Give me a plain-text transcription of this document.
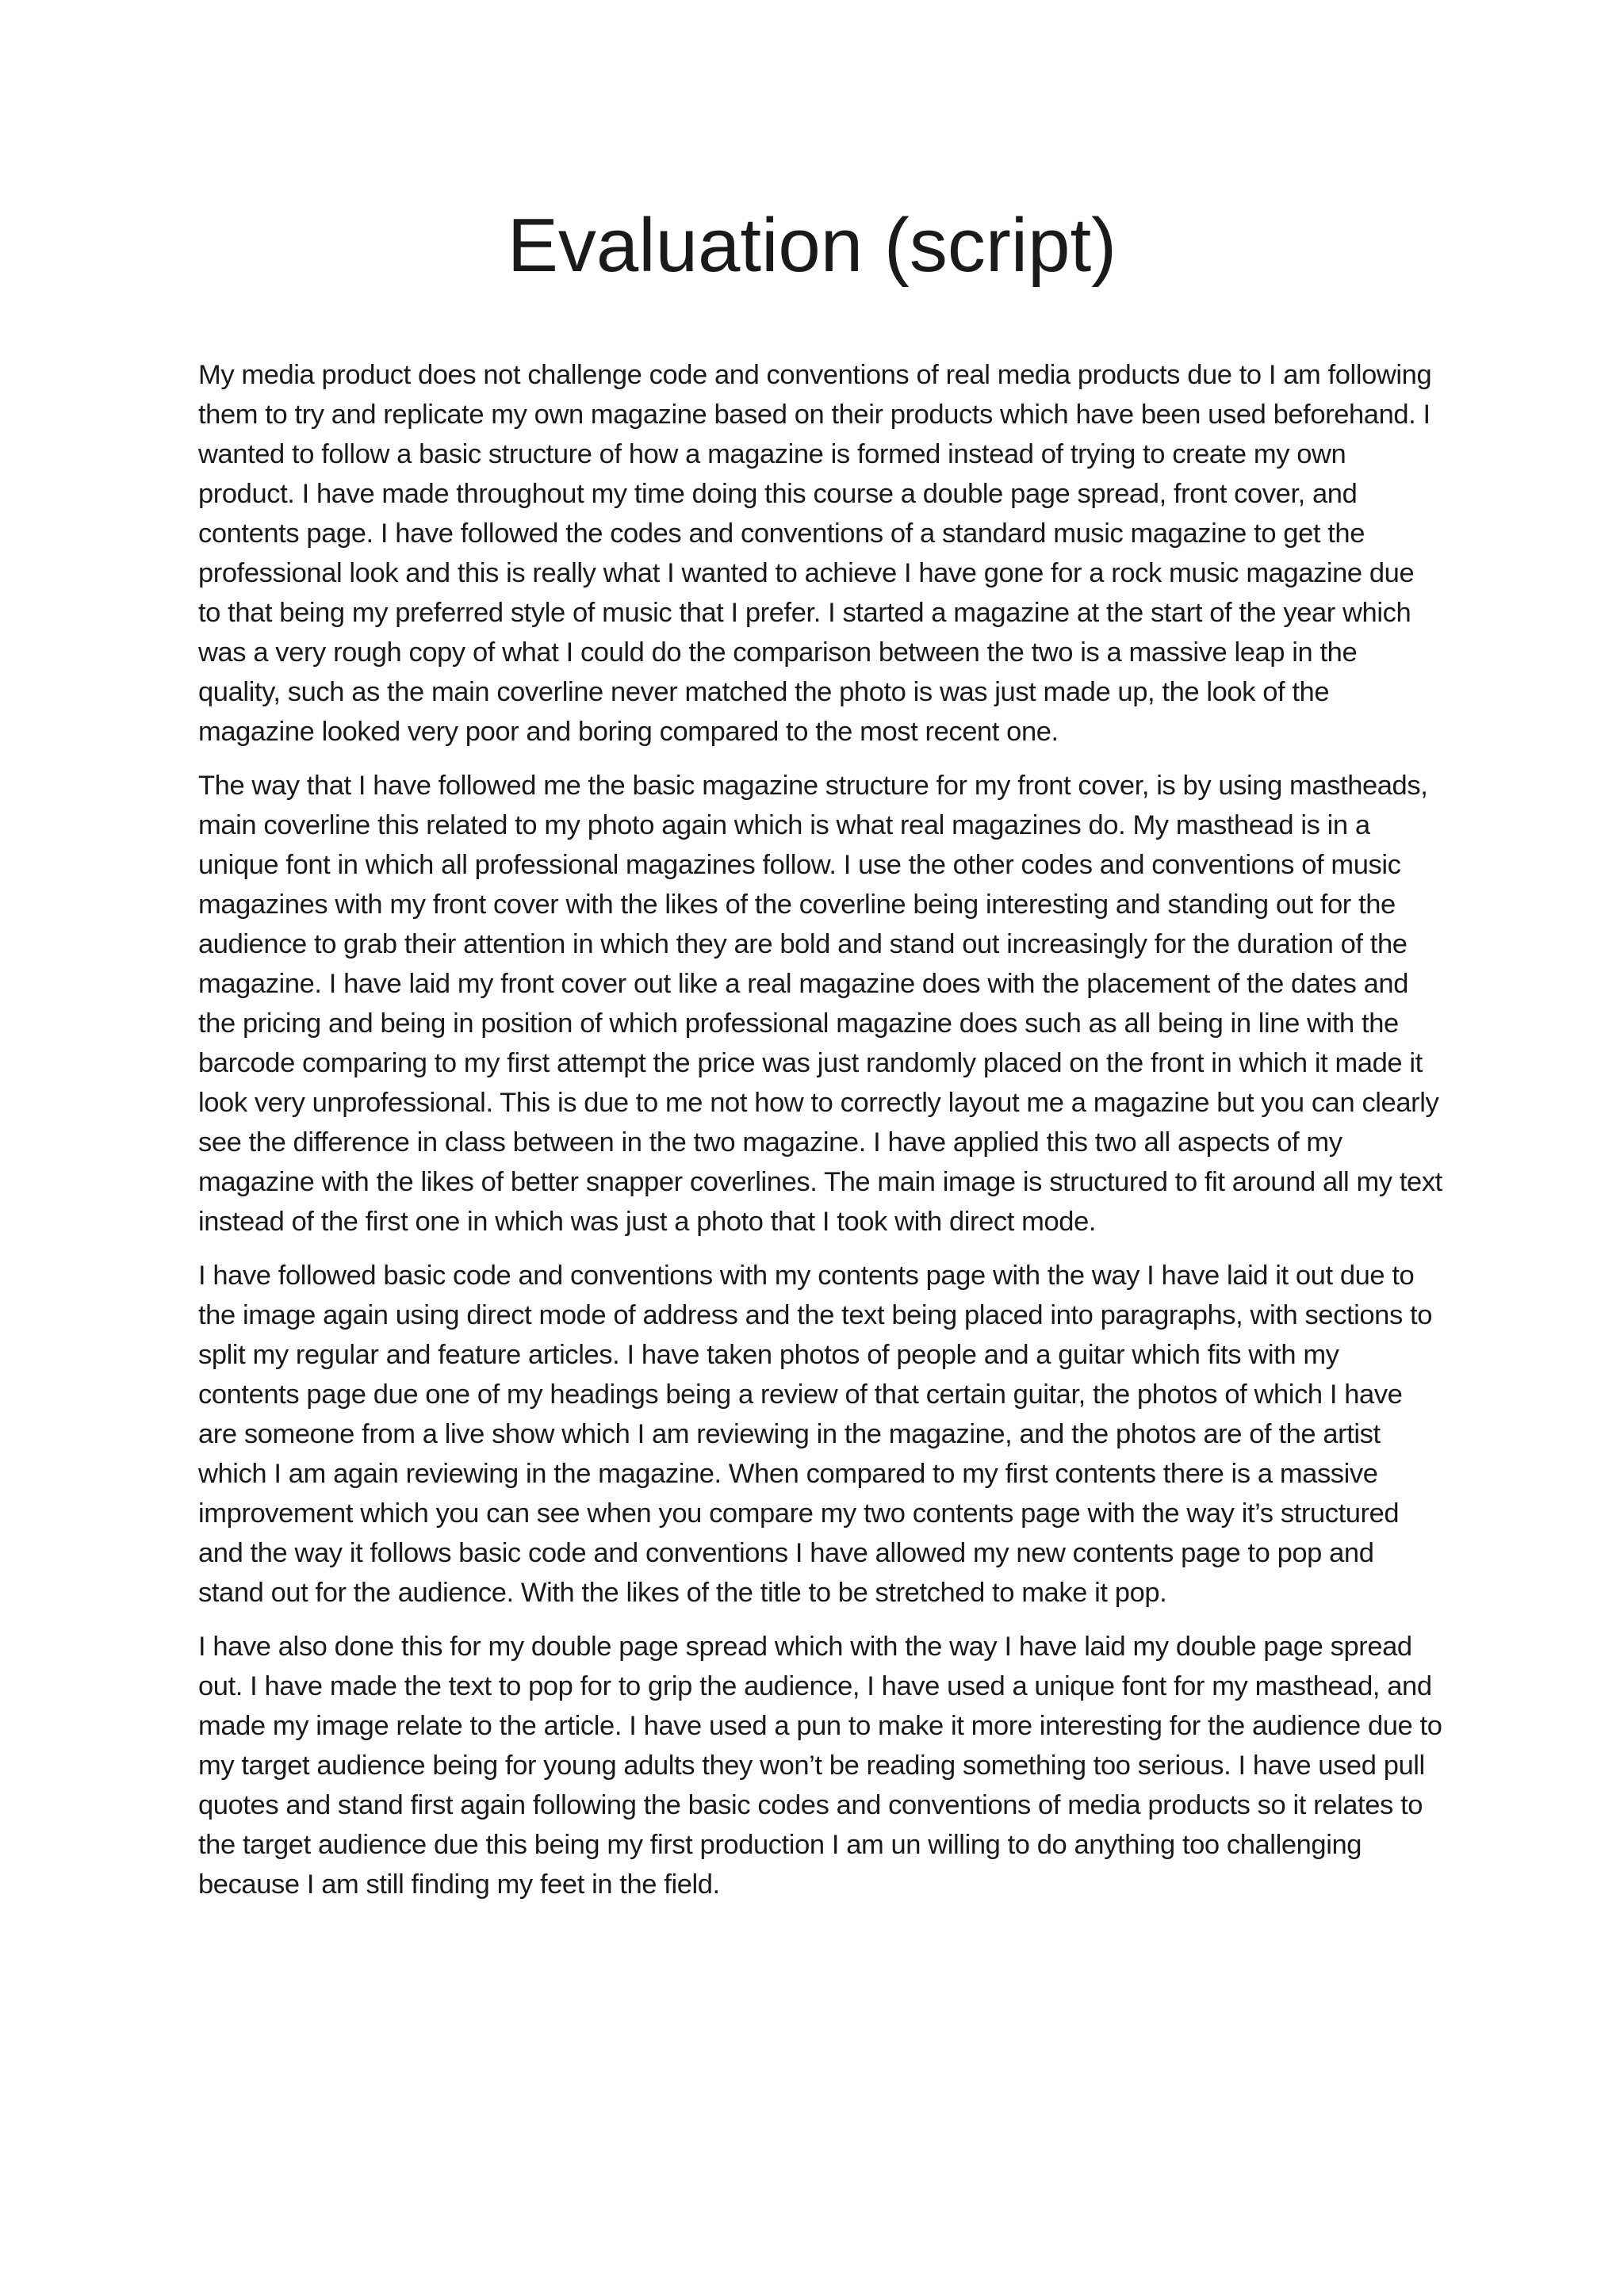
Evaluation (script)

My media product does not challenge code and conventions of real media products due to I am following them to try and replicate my own magazine based on their products which have been used beforehand. I wanted to follow a basic structure of how a magazine is formed instead of trying to create my own product. I have made throughout my time doing this course a double page spread, front cover, and contents page. I have followed the codes and conventions of a standard music magazine to get the professional look and this is really what I wanted to achieve I have gone for a rock music magazine due to that being my preferred style of music that I prefer. I started a magazine at the start of the year which was a very rough copy of what I could do the comparison between the two is a massive leap in the quality, such as the main coverline never matched the photo is was just made up, the look of the magazine looked very poor and boring compared to the most recent one.

The way that I have followed me the basic magazine structure for my front cover, is by using mastheads, main coverline this related to my photo again which is what real magazines do. My masthead is in a unique font in which all professional magazines follow. I use the other codes and conventions of music magazines with my front cover with the likes of the coverline being interesting and standing out for the audience to grab their attention in which they are bold and stand out increasingly for the duration of the magazine. I have laid my front cover out like a real magazine does with the placement of the dates and the pricing and being in position of which professional magazine does such as all being in line with the barcode comparing to my first attempt the price was just randomly placed on the front in which it made it look very unprofessional. This is due to me not how to correctly layout me a magazine but you can clearly see the difference in class between in the two magazine. I have applied this two all aspects of my magazine with the likes of better snapper coverlines. The main image is structured to fit around all my text instead of the first one in which was just a photo that I took with direct mode.

I have followed basic code and conventions with my contents page with the way I have laid it out due to the image again using direct mode of address and the text being placed into paragraphs, with sections to split my regular and feature articles. I have taken photos of people and a guitar which fits with my contents page due one of my headings being a review of that certain guitar, the photos of which I have are someone from a live show which I am reviewing in the magazine, and the photos are of the artist which I am again reviewing in the magazine. When compared to my first contents there is a massive improvement which you can see when you compare my two contents page with the way it’s structured and the way it follows basic code and conventions I have allowed my new contents page to pop and stand out for the audience. With the likes of the title to be stretched to make it pop.

I have also done this for my double page spread which with the way I have laid my double page spread out. I have made the text to pop for to grip the audience, I have used a unique font for my masthead, and made my image relate to the article. I have used a pun to make it more interesting for the audience due to my target audience being for young adults they won’t be reading something too serious. I have used pull quotes and stand first again following the basic codes and conventions of media products so it relates to the target audience due this being my first production I am un willing to do anything too challenging because I am still finding my feet in the field.
